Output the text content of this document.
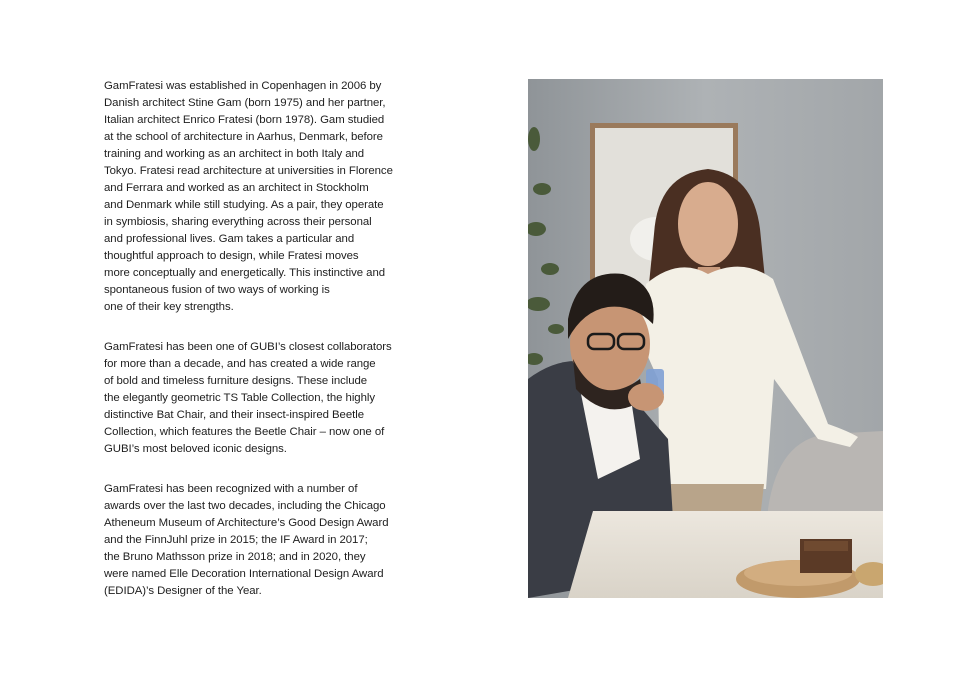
GamFratesi was established in Copenhagen in 2006 by
Danish architect Stine Gam (born 1975) and her partner,
Italian architect Enrico Fratesi (born 1978). Gam studied
at the school of architecture in Aarhus, Denmark, before
training and working as an architect in both Italy and
Tokyo. Fratesi read architecture at universities in Florence
and Ferrara and worked as an architect in Stockholm
and Denmark while still studying. As a pair, they operate
in symbiosis, sharing everything across their personal
and professional lives. Gam takes a particular and
thoughtful approach to design, while Fratesi moves
more conceptually and energetically. This instinctive and
spontaneous fusion of two ways of working is
one of their key strengths.

GamFratesi has been one of GUBI’s closest collaborators
for more than a decade, and has created a wide range
of bold and timeless furniture designs. These include
the elegantly geometric TS Table Collection, the highly
distinctive Bat Chair, and their insect-inspired Beetle
Collection, which features the Beetle Chair – now one of
GUBI’s most beloved iconic designs.

GamFratesi has been recognized with a number of
awards over the last two decades, including the Chicago
Atheneum Museum of Architecture’s Good Design Award
and the FinnJuhl prize in 2015; the IF Award in 2017;
the Bruno Mathsson prize in 2018; and in 2020, they
were named Elle Decoration International Design Award
(EDIDA)’s Designer of the Year.
